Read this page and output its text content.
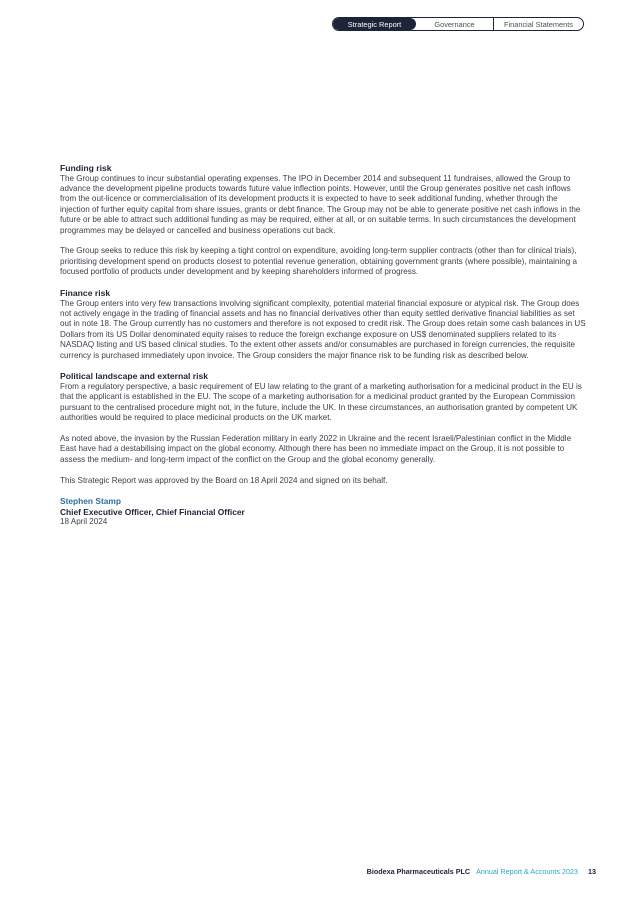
Strategic Report	Governance	Financial Statements
Funding risk

The Group continues to incur substantial operating expenses. The IPO in December 2014 and subsequent 11 fundraises, allowed the Group to advance the development pipeline products towards future value inflection points. However, until the Group generates positive net cash inflows from the out-licence or commercialisation of its development products it is expected to have to seek additional funding, whether through the injection of further equity capital from share issues, grants or debt finance. The Group may not be able to generate positive net cash inflows in the future or be able to attract such additional funding as may be required, either at all, or on suitable terms. In such circumstances the development programmes may be delayed or cancelled and business operations cut back.

The Group seeks to reduce this risk by keeping a tight control on expenditure, avoiding long-term supplier contracts (other than for clinical trials), prioritising development spend on products closest to potential revenue generation, obtaining government grants (where possible), maintaining a focused portfolio of products under development and by keeping shareholders informed of progress.

Finance risk

The Group enters into very few transactions involving significant complexity, potential material financial exposure or atypical risk. The Group does not actively engage in the trading of financial assets and has no financial derivatives other than equity settled derivative financial liabilities as set out in note 18. The Group currently has no customers and therefore is not exposed to credit risk. The Group does retain some cash balances in US Dollars from its US Dollar denominated equity raises to reduce the foreign exchange exposure on US$ denominated suppliers related to its NASDAQ listing and US based clinical studies. To the extent other assets and/or consumables are purchased in foreign currencies, the requisite currency is purchased immediately upon invoice. The Group considers the major finance risk to be funding risk as described below.

Political landscape and external risk

From a regulatory perspective, a basic requirement of EU law relating to the grant of a marketing authorisation for a medicinal product in the EU is that the applicant is established in the EU. The scope of a marketing authorisation for a medicinal product granted by the European Commission pursuant to the centralised procedure might not, in the future, include the UK. In these circumstances, an authorisation granted by competent UK authorities would be required to place medicinal products on the UK market.

As noted above, the invasion by the Russian Federation military in early 2022 in Ukraine and the recent Israeli/Palestinian conflict in the Middle East have had a destabilising impact on the global economy. Although there has been no immediate impact on the Group, it is not possible to assess the medium- and long-term impact of the conflict on the Group and the global economy generally.

This Strategic Report was approved by the Board on 18 April 2024 and signed on its behalf.

Stephen Stamp
Chief Executive Officer, Chief Financial Officer
18 April 2024
Biodexa Pharmaceuticals PLC Annual Report & Accounts 2023 13
